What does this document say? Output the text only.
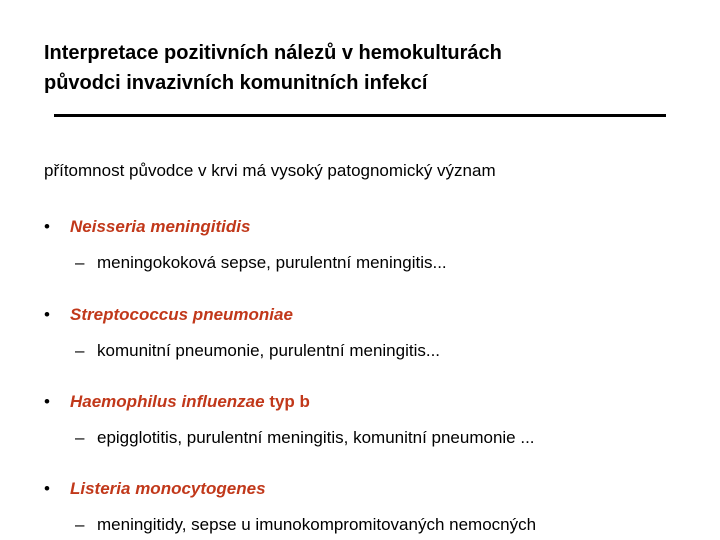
Interpretace pozitivních nálezů v hemokulturách
původci invazivních komunitních infekcí
přítomnost původce v krvi má vysoký patognomický význam
• Neisseria meningitidis
– meningokoková sepse, purulentní meningitis...
• Streptococcus pneumoniae
– komunitní pneumonie, purulentní meningitis...
• Haemophilus influenzae typ b
– epigglotitis, purulentní meningitis, komunitní pneumonie ...
• Listeria monocytogenes
– meningitidy, sepse u imunokompromitovaných nemocných
